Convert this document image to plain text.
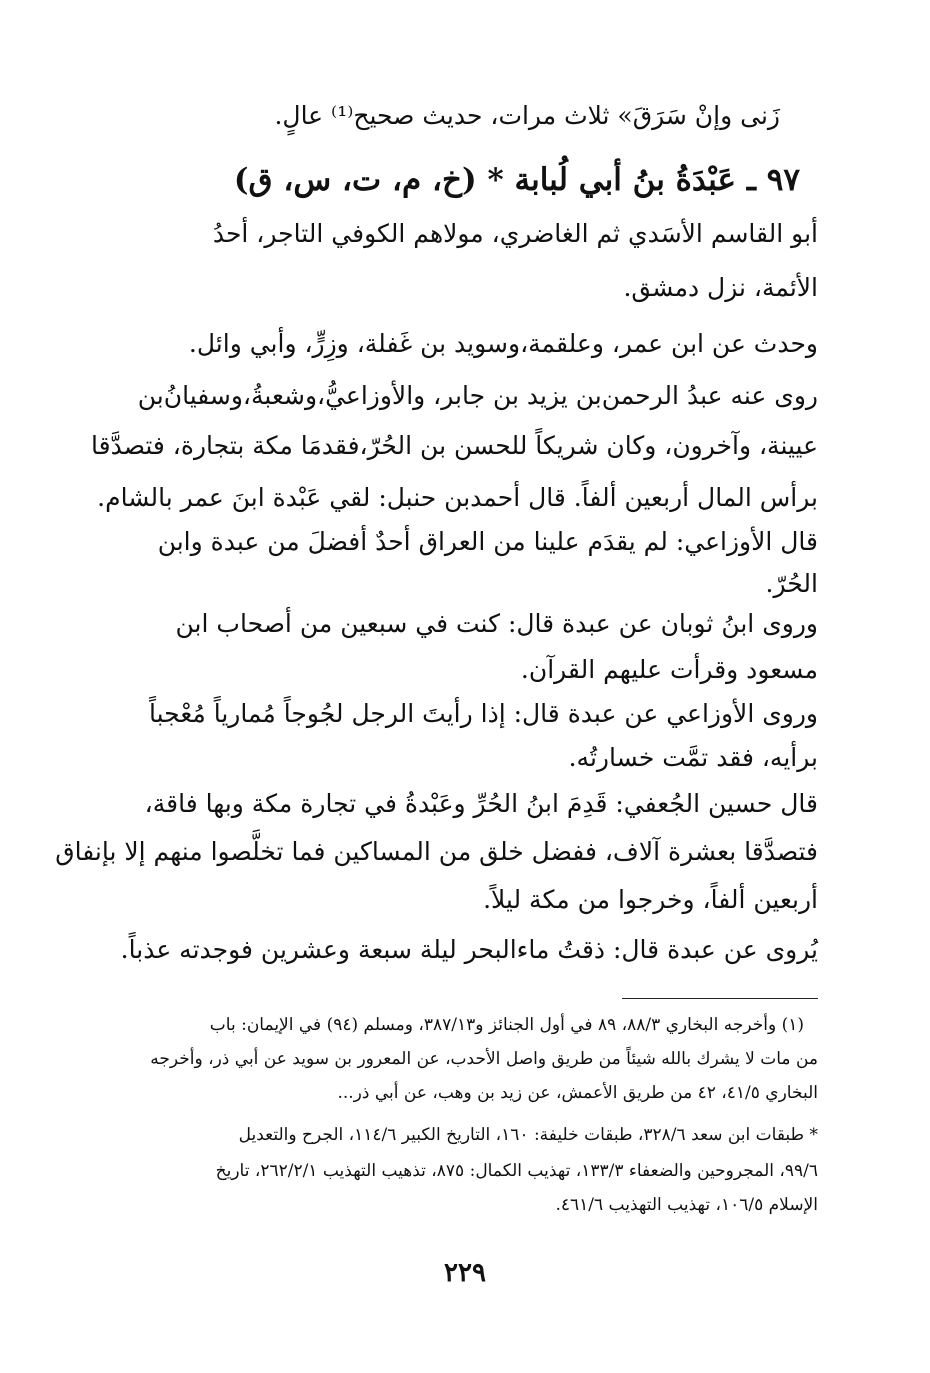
زَنى وإنْ سَرَقَ» ثلاث مرات، حديث صحيح⁽¹⁾ عالٍ.
٩٧ ـ عَبْدَةُ بنُ أبي لُبابة * (خ، م، ت، س، ق)
أبو القاسم الأسَدي ثم الغاضري، مولاهم الكوفي التاجر، أحدُ
الأئمة، نزل دمشق.
وحدث عن ابن عمر، وعلقمة،وسويد بن غَفلة، وزِرٍّ، وأبي وائل.
روى عنه عبدُ الرحمن‌بن يزيد بن جابر، والأوزاعيُّ،وشعبةُ،وسفيانُ‌بن
عيينة، وآخرون، وكان شريكاً للحسن بن الحُرّ،فقدمَا مكة بتجارة، فتصدَّقا
برأس المال أربعين ألفاً. قال أحمدبن حنبل: لقي عَبْدة ابنَ عمر بالشام.
قال الأوزاعي: لم يقدَم علينا من العراق أحدٌ أفضلَ من عبدة وابن
الحُرّ.
وروى ابنُ ثوبان عن عبدة قال: كنت في سبعين من أصحاب ابن
مسعود وقرأت عليهم القرآن.
وروى الأوزاعي عن عبدة قال: إذا رأيتَ الرجل لجُوجاً مُمارياً مُعْجباً
برأيه، فقد تمَّت خسارتُه.
قال حسين الجُعفي: قَدِمَ ابنُ الحُرِّ وعَبْدةُ في تجارة مكة وبها فاقة،
فتصدَّقا بعشرة آلاف، ففضل خلق من المساكين فما تخلَّصوا منهم إلا بإنفاق
أربعين ألفاً، وخرجوا من مكة ليلاً.
يُروى عن عبدة قال: ذقتُ ماءالبحر ليلة سبعة وعشرين فوجدته عذباً.
(١) وأخرجه البخاري ٨٨/٣، ٨٩ في أول الجنائز و٣٨٧/١٣، ومسلم (٩٤) في الإيمان: باب
من مات لا يشرك بالله شيئاً من طريق واصل الأحدب، عن المعرور بن سويد عن أبي ذر، وأخرجه
البخاري ٤١/٥، ٤٢ من طريق الأعمش، عن زيد بن وهب، عن أبي ذر...
* طبقات ابن سعد ٣٢٨/٦، طبقات خليفة: ١٦٠، التاريخ الكبير ١١٤/٦، الجرح والتعديل
٩٩/٦، المجروحين والضعفاء ١٣٣/٣، تهذيب الكمال: ٨٧٥، تذهيب التهذيب ٢٦٢/٢/١، تاريخ
الإسلام ١٠٦/٥، تهذيب التهذيب ٤٦١/٦.
٢٢٩
